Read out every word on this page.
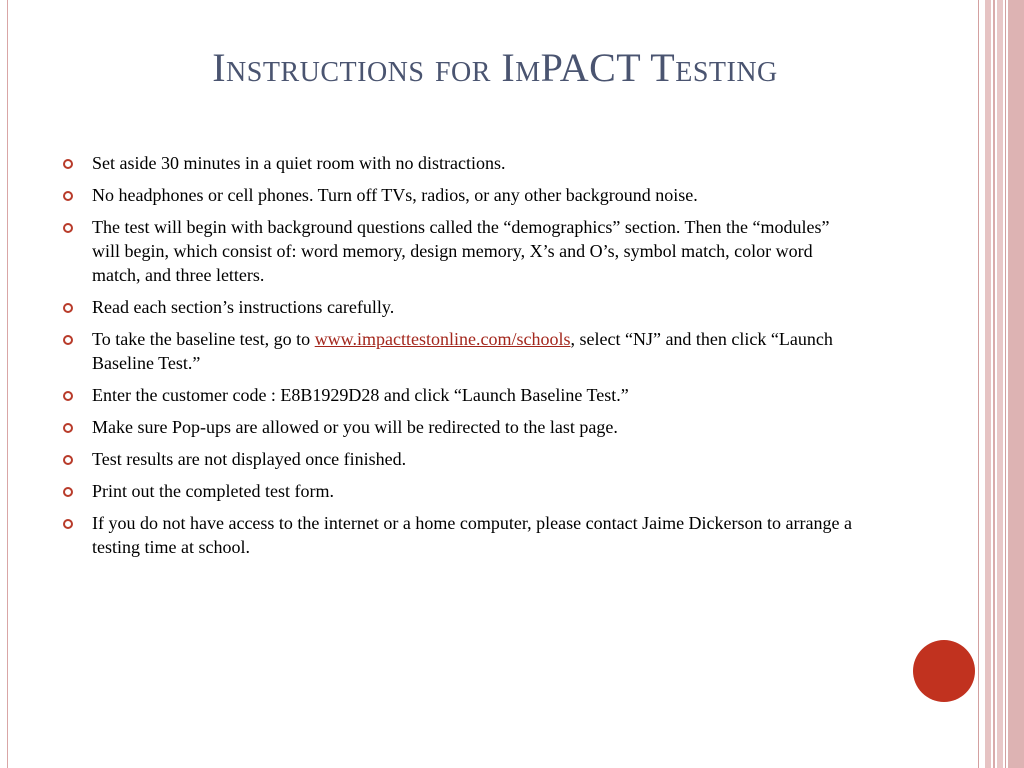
Instructions for ImPACT Testing
Set aside 30 minutes in a quiet room with no distractions.
No headphones or cell phones. Turn off TVs, radios, or any other background noise.
The test will begin with background questions called the “demographics” section. Then the “modules” will begin, which consist of: word memory, design memory, X’s and O’s, symbol match, color word match, and three letters.
Read each section’s instructions carefully.
To take the baseline test, go to www.impacttestonline.com/schools, select “NJ” and then click “Launch Baseline Test.”
Enter the customer code : E8B1929D28 and click “Launch Baseline Test.”
Make sure Pop-ups are allowed or you will be redirected to the last page.
Test results are not displayed once finished.
Print out the completed test form.
If you do not have access to the internet or a home computer, please contact Jaime Dickerson to arrange a testing time at school.
